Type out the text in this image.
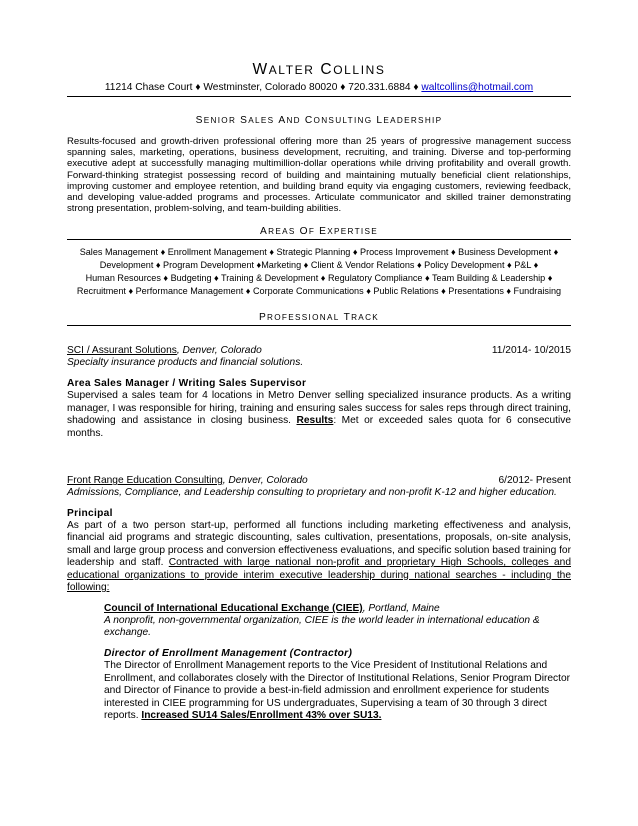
WALTER COLLINS
11214 Chase Court ♦ Westminster, Colorado 80020 ♦ 720.331.6884 ♦ waltcollins@hotmail.com
SENIOR SALES AND CONSULTING LEADERSHIP
Results-focused and growth-driven professional offering more than 25 years of progressive management success spanning sales, marketing, operations, business development, recruiting, and training. Diverse and top-performing executive adept at successfully managing multimillion-dollar operations while driving profitability and overall growth. Forward-thinking strategist possessing record of building and maintaining mutually beneficial client relationships, improving customer and employee retention, and building brand equity via engaging customers, reviewing feedback, and developing value-added programs and processes. Articulate communicator and skilled trainer demonstrating strong presentation, problem-solving, and team-building abilities.
AREAS OF EXPERTISE
Sales Management ♦ Enrollment Management ♦ Strategic Planning ♦ Process Improvement ♦ Business Development ♦
Development ♦ Program Development ♦Marketing ♦ Client & Vendor Relations ♦ Policy Development ♦ P&L ♦
Human Resources ♦ Budgeting ♦ Training & Development ♦ Regulatory Compliance ♦ Team Building & Leadership ♦
Recruitment ♦ Performance Management ♦ Corporate Communications ♦ Public Relations ♦ Presentations ♦ Fundraising
PROFESSIONAL TRACK
SCI / Assurant Solutions, Denver, Colorado	11/2014- 10/2015
Specialty insurance products and financial solutions.
Area Sales Manager / Writing Sales Supervisor
Supervised a sales team for 4 locations in Metro Denver selling specialized insurance products. As a writing manager, I was responsible for hiring, training and ensuring sales success for sales reps through direct training, shadowing and assistance in closing business. Results: Met or exceeded sales quota for 6 consecutive months.
Front Range Education Consulting, Denver, Colorado	6/2012- Present
Admissions, Compliance, and Leadership consulting to proprietary and non-profit K-12 and higher education.
Principal
As part of a two person start-up, performed all functions including marketing effectiveness and analysis, financial aid programs and strategic discounting, sales cultivation, presentations, proposals, on-site analysis, small and large group process and conversion effectiveness evaluations, and specific solution based training for leadership and staff. Contracted with large national non-profit and proprietary High Schools, colleges and educational organizations to provide interim executive leadership during national searches - including the following:
Council of International Educational Exchange (CIEE), Portland, Maine
A nonprofit, non-governmental organization, CIEE is the world leader in international education & exchange.
Director of Enrollment Management (Contractor)
The Director of Enrollment Management reports to the Vice President of Institutional Relations and Enrollment, and collaborates closely with the Director of Institutional Relations, Senior Program Director and Director of Finance to provide a best-in-field admission and enrollment experience for students interested in CIEE programming for US undergraduates, Supervising a team of 30 through 3 direct reports. Increased SU14 Sales/Enrollment 43% over SU13.
